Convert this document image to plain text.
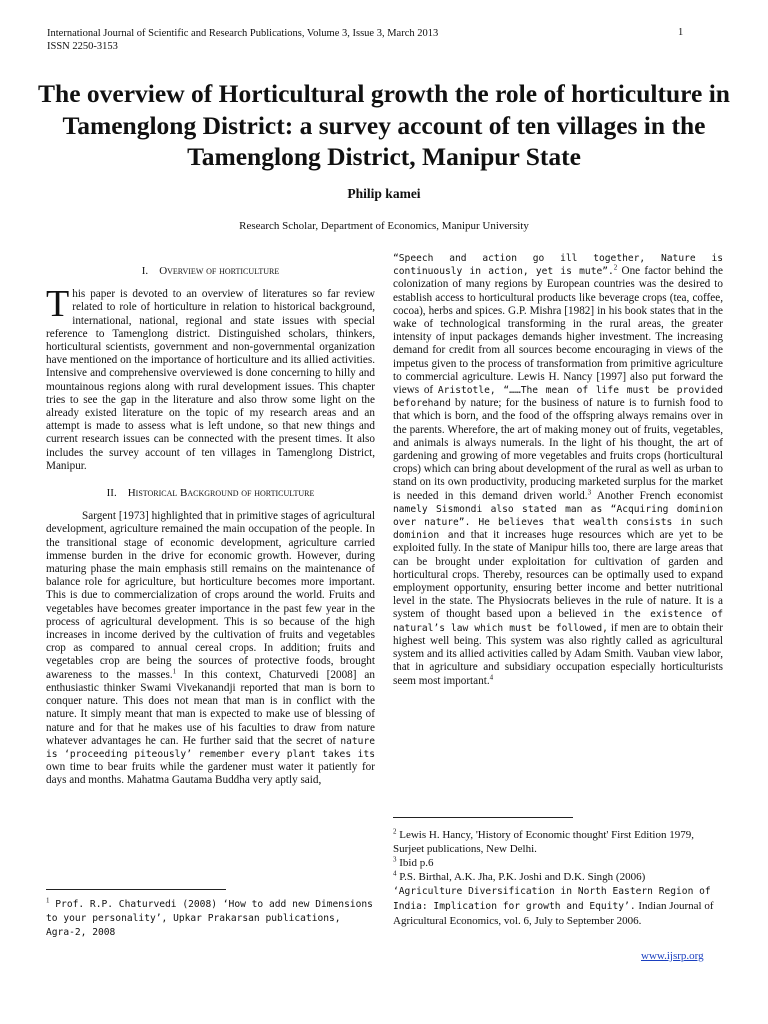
International Journal of Scientific and Research Publications, Volume 3, Issue 3, March 2013
ISSN 2250-3153
1
The overview of Horticultural growth the role of horticulture in Tamenglong District: a survey account of ten villages in the Tamenglong District, Manipur State
Philip kamei
Research Scholar, Department of Economics, Manipur University
I. Overview of horticulture

This paper is devoted to an overview of literatures so far review related to role of horticulture in relation to historical background, international, national, regional and state issues with special reference to Tamenglong district. Distinguished scholars, thinkers, horticultural scientists, government and non-governmental organization have mentioned on the importance of horticulture and its allied activities. Intensive and comprehensive overviewed is done concerning to hilly and mountainous regions along with rural development issues. This chapter tries to see the gap in the literature and also throw some light on the already existed literature on the topic of my research areas and an attempt is made to assess what is left undone, so that new things and current research issues can be connected with the present times. It also includes the survey account of ten villages in Tamenglong District, Manipur.

II. Historical Background of horticulture

Sargent [1973] highlighted that in primitive stages of agricultural development, agriculture remained the main occupation of the people. In the transitional stage of economic development, agriculture carried immense burden in the drive for economic growth. However, during maturing phase the main emphasis still remains on the maintenance of balance role for agriculture, but horticulture becomes more important. This is due to commercialization of crops around the world. Fruits and vegetables have becomes greater importance in the past few year in the process of agricultural development. This is so because of the high increases in income derived by the cultivation of fruits and vegetables crop as compared to annual cereal crops. In addition; fruits and vegetables crop are being the sources of protective foods, brought awareness to the masses.$^1$ In this context, Chaturvedi [2008] an enthusiastic thinker Swami Vivekanandji reported that man is born to conquer nature. This does not mean that man is in conflict with the nature. It simply meant that man is expected to make use of blessing of nature and for that he makes use of his faculties to draw from nature whatever advantages he can. He further said that the secret of nature is ‘proceeding piteously’ remember every plant takes its own time to bear fruits while the gardener must water it patiently for days and months. Mahatma Gautama Buddha very aptly said,

$^1$ Prof. R.P. Chaturvedi (2008) ‘How to add new Dimensions to your personality’, Upkar Prakarsan publications, Agra-2, 2008

“Speech and action go ill together, Nature is continuously in action, yet is mute”.$^2$ One factor behind the colonization of many regions by European countries was the desired to establish access to horticultural products like beverage crops (tea, coffee, cocoa), herbs and spices. G.P. Mishra [1982] in his book states that in the wake of technological transforming in the rural areas, the greater intensity of input packages demands higher investment. The increasing demand for credit from all sources become encouraging in views of the impetus given to the process of transformation from primitive agriculture to commercial agriculture. Lewis H. Nancy [1997] also put forward the views of Aristotle, “……The mean of life must be provided beforehand by nature; for the business of nature is to furnish food to that which is born, and the food of the offspring always remains over in the parents. Wherefore, the art of making money out of fruits, vegetables, and animals is always numerals. In the light of his thought, the art of gardening and growing of more vegetables and fruits crops (horticultural crops) which can bring about development of the rural as well as urban to stand on its own productivity, producing marketed surplus for the market is needed in this demand driven world.$^3$ Another French economist namely Sismondi also stated man as “Acquiring dominion over nature”. He believes that wealth consists in such dominion and that it increases huge resources which are yet to be exploited fully. In the state of Manipur hills too, there are large areas that can be brought under exploitation for cultivation of garden and horticultural crops. Thereby, resources can be optimally used to expand employment opportunity, ensuring better income and better nutritional level in the state. The Physiocrats believes in the rule of nature. It is a system of thought based upon a believed in the existence of natural’s law which must be followed, if men are to obtain their highest well being. This system was also rightly called as agricultural system and its allied activities called by Adam Smith. Vauban view labor, that in agriculture and subsidiary occupation especially horticulturists seem most important.$^4$

$^2$ Lewis H. Hancy, 'History of Economic thought' First Edition 1979, Surjeet publications, New Delhi.
$^3$ Ibid p.6
$^4$ P.S. Birthal, A.K. Jha, P.K. Joshi and D.K. Singh (2006)
‘Agriculture Diversification in North Eastern Region of India: Implication for growth and Equity’. Indian Journal of Agricultural Economics, vol. 6, July to September 2006.
www.ijsrp.org
